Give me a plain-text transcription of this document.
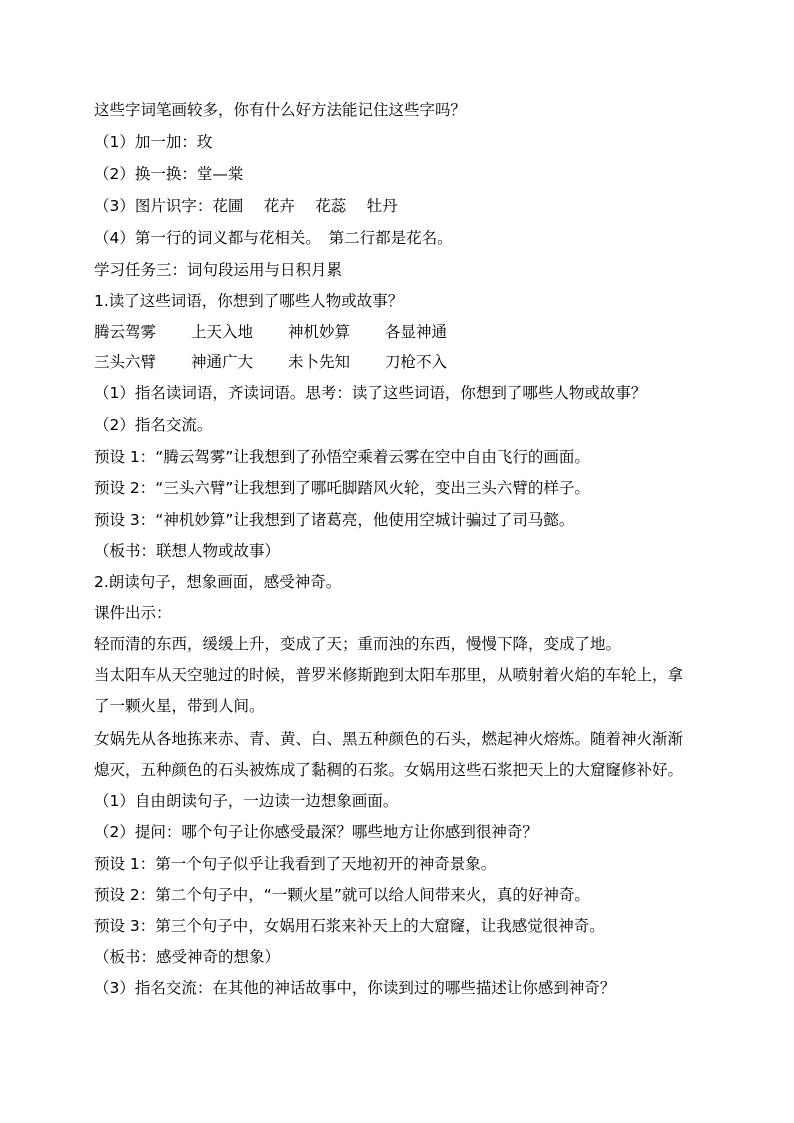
这些字词笔画较多，你有什么好方法能记住这些字吗？
（1）加一加：玫
（2）换一换：堂—棠
（3）图片识字：花圃　 花卉　 花蕊　 牡丹
（4）第一行的词义都与花相关。　第二行都是花名。
学习任务三：词句段运用与日积月累
1.读了这些词语，你想到了哪些人物或故事？
腾云驾雾 上天入地 神机妙算 各显神通
三头六臂 神通广大 未卜先知 刀枪不入
（1）指名读词语，齐读词语。思考：读了这些词语，你想到了哪些人物或故事？
（2）指名交流。
预设 1：“腾云驾雾”让我想到了孙悟空乘着云雾在空中自由飞行的画面。
预设 2：“三头六臂”让我想到了哪吒脚踏风火轮，变出三头六臂的样子。
预设 3：“神机妙算”让我想到了诸葛亮，他使用空城计骗过了司马懿。
（板书：联想人物或故事）
2.朗读句子，想象画面，感受神奇。
课件出示：
轻而清的东西，缓缓上升，变成了天；重而浊的东西，慢慢下降，变成了地。
当太阳车从天空驰过的时候，普罗米修斯跑到太阳车那里，从喷射着火焰的车轮上，拿
了一颗火星，带到人间。
女娲先从各地拣来赤、青、黄、白、黑五种颜色的石头，燃起神火熔炼。随着神火渐渐
熄灭，五种颜色的石头被炼成了黏稠的石浆。女娲用这些石浆把天上的大窟窿修补好。
（1）自由朗读句子，一边读一边想象画面。
（2）提问：哪个句子让你感受最深？哪些地方让你感到很神奇？
预设 1：第一个句子似乎让我看到了天地初开的神奇景象。
预设 2：第二个句子中，“一颗火星”就可以给人间带来火，真的好神奇。
预设 3：第三个句子中，女娲用石浆来补天上的大窟窿，让我感觉很神奇。
（板书：感受神奇的想象）
（3）指名交流：在其他的神话故事中，你读到过的哪些描述让你感到神奇？
